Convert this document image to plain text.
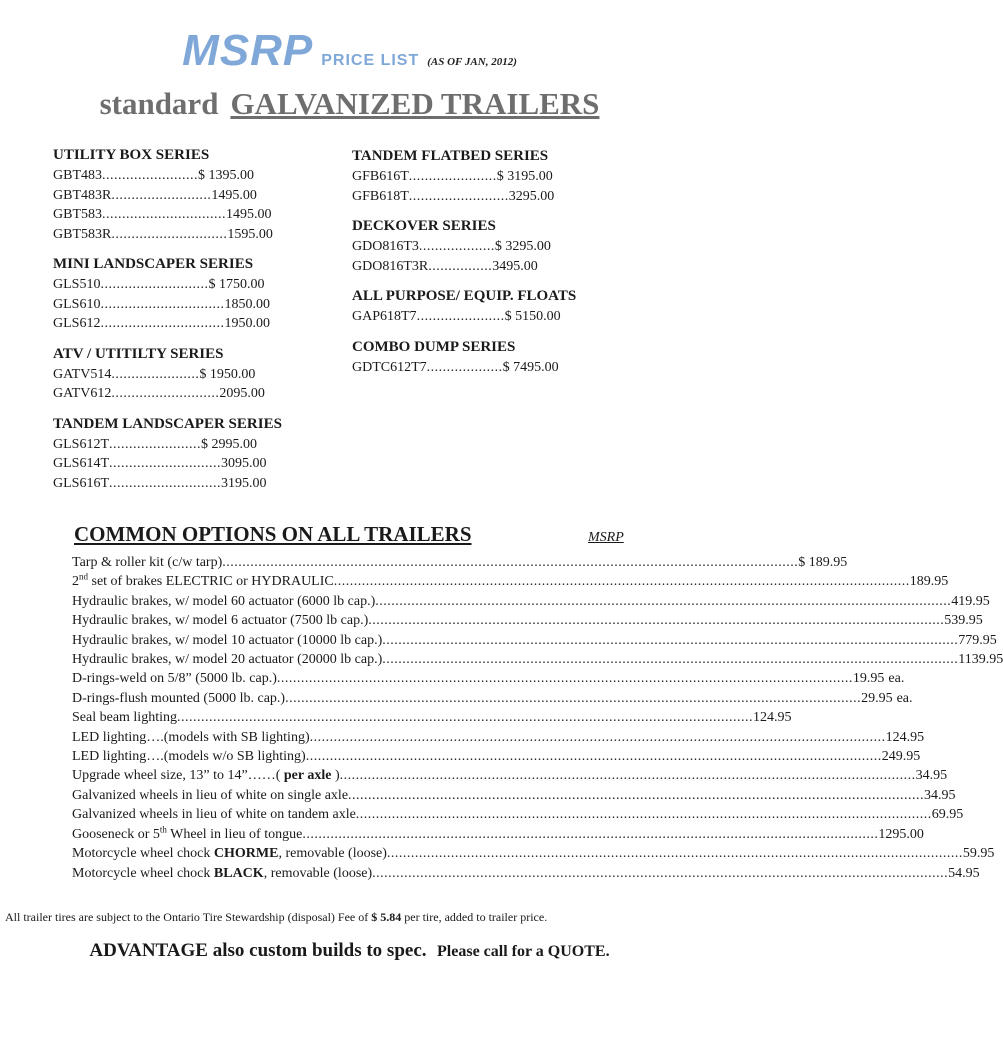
MSRP PRICE LIST (AS OF JAN, 2012)
standard GALVANIZED TRAILERS
UTILITY BOX SERIES
GBT483 ........................ $ 1395.00
GBT483R ......................... 1495.00
GBT583 ............................... 1495.00
GBT583R ............................. 1595.00
MINI LANDSCAPER SERIES
GLS510 ........................... $ 1750.00
GLS610 ............................... 1850.00
GLS612 ............................... 1950.00
ATV / UTITILTY SERIES
GATV514 ...................... $ 1950.00
GATV612 ........................... 2095.00
TANDEM LANDSCAPER SERIES
GLS612T ....................... $ 2995.00
GLS614T ............................ 3095.00
GLS616T ............................ 3195.00
TANDEM FLATBED SERIES
GFB616T ...................... $ 3195.00
GFB618T ......................... 3295.00
DECKOVER SERIES
GDO816T3 ................... $ 3295.00
GDO816T3R ................ 3495.00
ALL PURPOSE/ EQUIP. FLOATS
GAP618T7 ...................... $ 5150.00
COMBO DUMP SERIES
GDTC612T7 ................... $ 7495.00
COMMON OPTIONS ON ALL TRAILERS	MSRP
Tarp & roller kit (c/w tarp) ................................................................................................................................................ $ 189.95
2nd set of brakes ELECTRIC or HYDRAULIC ................................................................................................................................................ 189.95
Hydraulic brakes, w/ model 60 actuator (6000 lb cap.) ................................................................................................................................................ 419.95
Hydraulic brakes, w/ model 6 actuator (7500 lb cap.) ................................................................................................................................................ 539.95
Hydraulic brakes, w/ model 10 actuator (10000 lb cap.) ................................................................................................................................................ 779.95
Hydraulic brakes, w/ model 20 actuator (20000 lb cap.) ................................................................................................................................................ 1139.95
D-rings-weld on 5/8” (5000 lb. cap.) ................................................................................................................................................ 19.95 ea.
D-rings-flush mounted (5000 lb. cap.) ................................................................................................................................................ 29.95 ea.
Seal beam lighting ................................................................................................................................................ 124.95
LED lighting….(models with SB lighting) ................................................................................................................................................ 124.95
LED lighting….(models w/o SB lighting) ................................................................................................................................................ 249.95
Upgrade wheel size, 13” to 14”……( per axle ) ................................................................................................................................................ 34.95
Galvanized wheels in lieu of white on single axle ................................................................................................................................................ 34.95
Galvanized wheels in lieu of white on tandem axle ................................................................................................................................................ 69.95
Gooseneck or 5th Wheel in lieu of tongue ................................................................................................................................................ 1295.00
Motorcycle wheel chock CHORME, removable (loose) ................................................................................................................................................ 59.95
Motorcycle wheel chock BLACK, removable (loose) ................................................................................................................................................ 54.95
All trailer tires are subject to the Ontario Tire Stewardship (disposal) Fee of $ 5.84 per tire, added to trailer price.
ADVANTAGE also custom builds to spec. Please call for a QUOTE.
